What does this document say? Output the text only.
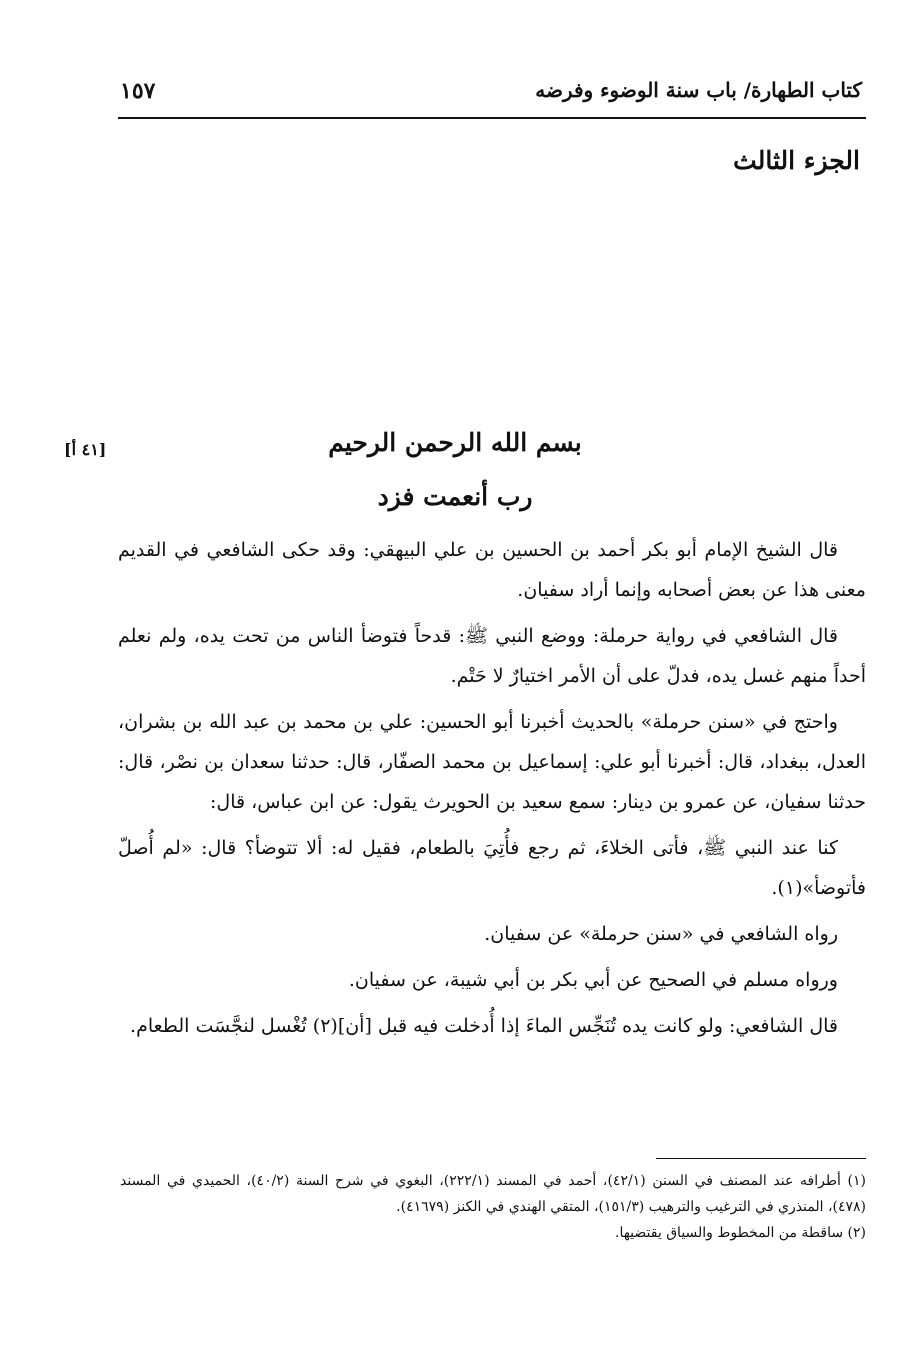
كتاب الطهارة/ باب سنة الوضوء وفرضه
١٥٧
الجزء الثالث
[٤١ أ]	بسم الله الرحمن الرحيم
رب أنعمت فزد

قال الشيخ الإمام أبو بكر أحمد بن الحسين بن علي البيهقي: وقد حكى الشافعي في القديم معنى هذا عن بعض أصحابه وإنما أراد سفيان.

قال الشافعي في رواية حرملة: ووضع النبي ﷺ: قدحاً فتوضأ الناس من تحت يده، ولم نعلم أحداً منهم غسل يده، فدلّ على أن الأمر اختيارٌ لا حَتْم.

واحتج في «سنن حرملة» بالحديث أخبرنا أبو الحسين: علي بن محمد بن عبد الله بن بشران، العدل، ببغداد، قال: أخبرنا أبو علي: إسماعيل بن محمد الصفّار، قال: حدثنا سعدان بن نصْر، قال: حدثنا سفيان، عن عمرو بن دينار: سمع سعيد بن الحويرث يقول: عن ابن عباس، قال:

كنا عند النبي ﷺ، فأتى الخلاءَ، ثم رجع فأُتِيَ بالطعام، فقيل له: ألا تتوضأ؟ قال: «لم أُصلّ فأتوضأ»(١).

رواه الشافعي في «سنن حرملة» عن سفيان.

ورواه مسلم في الصحيح عن أبي بكر بن أبي شيبة، عن سفيان.

قال الشافعي: ولو كانت يده تُنَجِّس الماءَ إذا أُدخلت فيه قبل [أن](٢) تُغْسل لنجَّسَت الطعام.

(١) أطرافه عند المصنف في السنن (٤٢/١)، أحمد في المسند (٢٢٢/١)، البغوي في شرح السنة (٤٠/٢)، الحميدي في المسند (٤٧٨)، المنذري في الترغيب والترهيب (١٥١/٣)، المتقي الهندي في الكنز (٤١٦٧٩).

(٢) ساقطة من المخطوط والسياق يقتضيها.
